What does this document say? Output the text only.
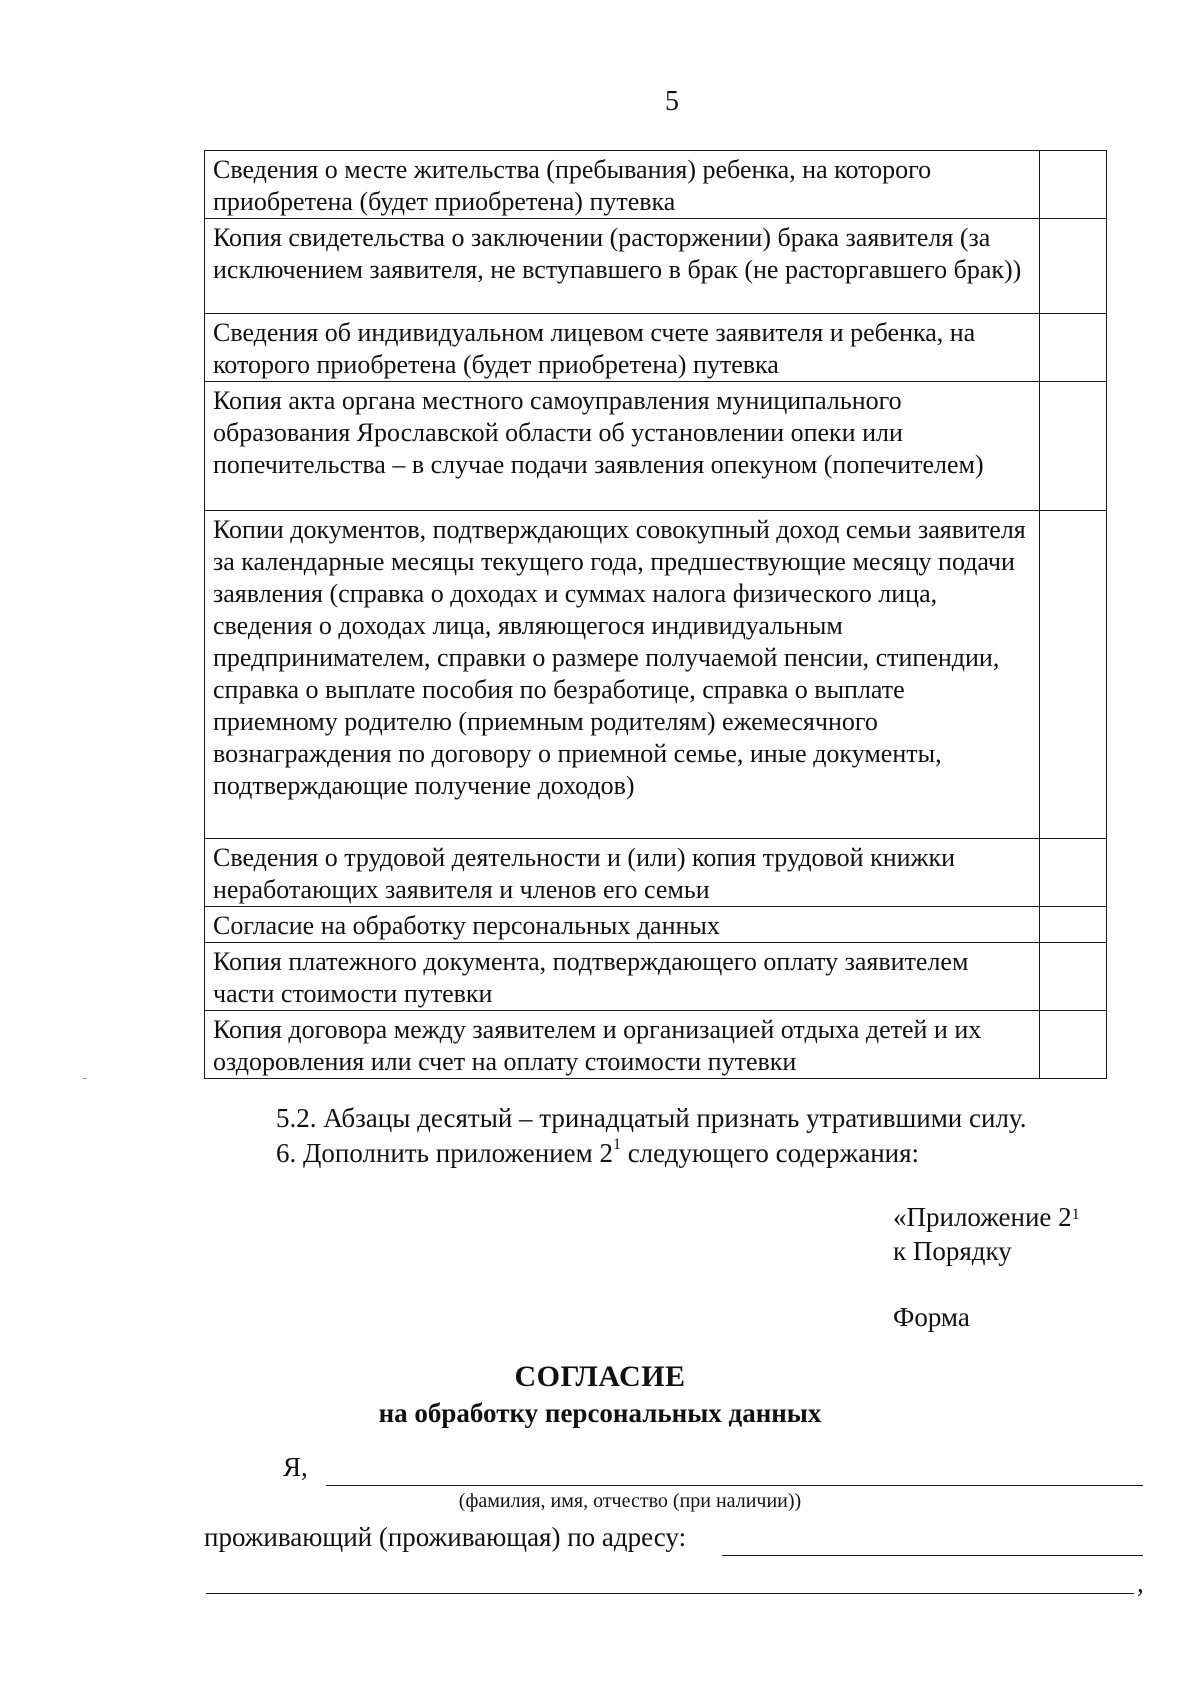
5
Сведения о месте жительства (пребывания) ребенка, на которого приобретена (будет приобретена) путевка	
Копия свидетельства о заключении (расторжении) брака заявителя (за исключением заявителя, не вступавшего в брак (не расторгавшего брак))	
Сведения об индивидуальном лицевом счете заявителя и ребенка, на которого приобретена (будет приобретена) путевка	
Копия акта органа местного самоуправления муниципального образования Ярославской области об установлении опеки или попечительства – в случае подачи заявления опекуном (попечителем)	
Копии документов, подтверждающих совокупный доход семьи заявителя за календарные месяцы текущего года, предшествующие месяцу подачи заявления (справка о доходах и суммах налога физического лица, сведения о доходах лица, являющегося индивидуальным предпринимателем, справки о размере получаемой пенсии, стипендии, справка о выплате пособия по безработице, справка о выплате приемному родителю (приемным родителям) ежемесячного вознаграждения по договору о приемной семье, иные документы, подтверждающие получение доходов)	
Сведения о трудовой деятельности и (или) копия трудовой книжки неработающих заявителя и членов его семьи	
Согласие на обработку персональных данных	
Копия платежного документа, подтверждающего оплату заявителем части стоимости путевки	
Копия договора между заявителем и организацией отдыха детей и их оздоровления или счет на оплату стоимости путевки	
5.2. Абзацы десятый – тринадцатый признать утратившими силу.
6. Дополнить приложением $2^1$ следующего содержания:
«Приложение $2^1$
к Порядку
Форма
СОГЛАСИЕ
на обработку персональных данных
Я,
(фамилия, имя, отчество (при наличии))
проживающий (проживающая) по адресу:
,
